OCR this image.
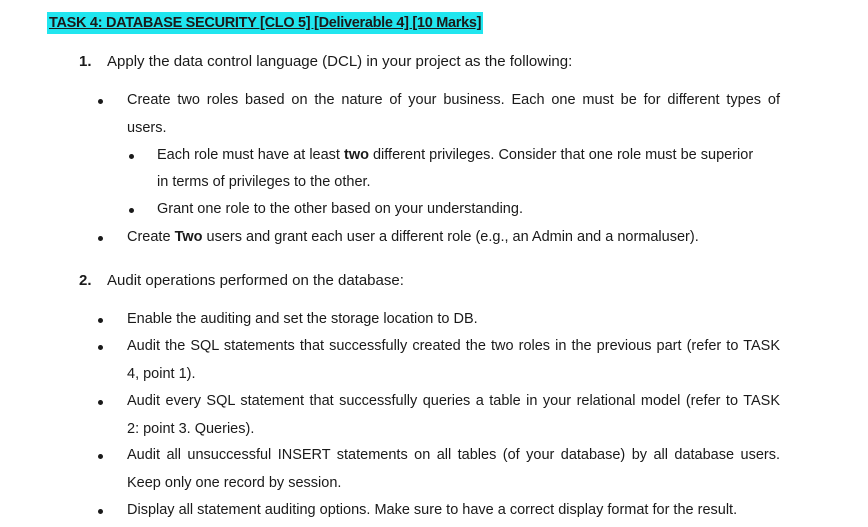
TASK 4: DATABASE SECURITY [CLO 5] [Deliverable 4] [10 Marks]
1. Apply the data control language (DCL) in your project as the following:
Create two roles based on the nature of your business. Each one must be for different types of
users.
Each role must have at least two different privileges. Consider that one role must be superior
in terms of privileges to the other.
Grant one role to the other based on your understanding.
Create Two users and grant each user a different role (e.g., an Admin and a normaluser).
2. Audit operations performed on the database:
Enable the auditing and set the storage location to DB.
Audit the SQL statements that successfully created the two roles in the previous part (refer to TASK
4, point 1).
Audit every SQL statement that successfully queries a table in your relational model (refer to TASK
2: point 3. Queries).
Audit all unsuccessful INSERT statements on all tables (of your database) by all database users.
Keep only one record by session.
Display all statement auditing options. Make sure to have a correct display format for the result.
